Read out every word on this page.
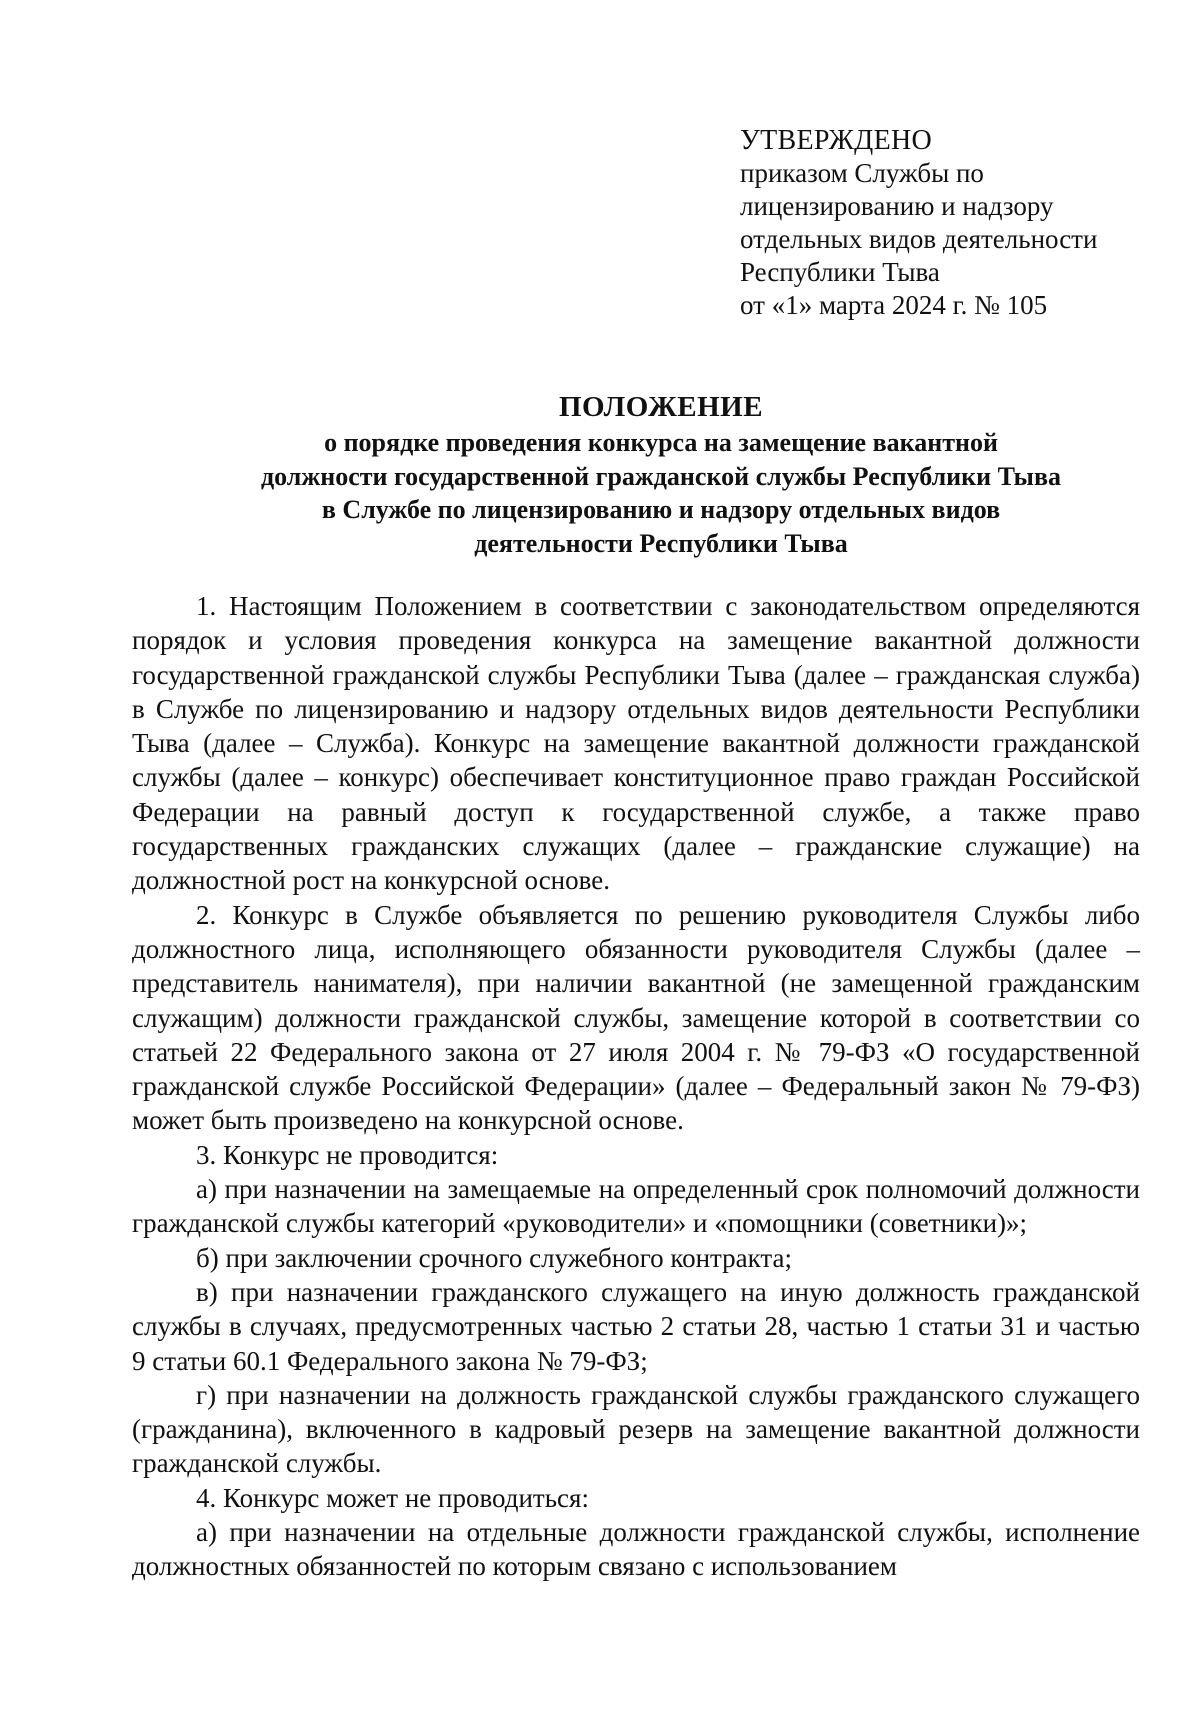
УТВЕРЖДЕНО
приказом Службы по
лицензированию и надзору
отдельных видов деятельности
Республики Тыва
от «1» марта 2024 г. № 105
ПОЛОЖЕНИЕ
о порядке проведения конкурса на замещение вакантной
должности государственной гражданской службы Республики Тыва
в Службе по лицензированию и надзору отдельных видов
деятельности Республики Тыва

1. Настоящим Положением в соответствии с законодательством определяются порядок и условия проведения конкурса на замещение вакантной должности государственной гражданской службы Республики Тыва (далее – гражданская служба) в Службе по лицензированию и надзору отдельных видов деятельности Республики Тыва (далее – Служба). Конкурс на замещение вакантной должности гражданской службы (далее – конкурс) обеспечивает конституционное право граждан Российской Федерации на равный доступ к государственной службе, а также право государственных гражданских служащих (далее – гражданские служащие) на должностной рост на конкурсной основе.

2. Конкурс в Службе объявляется по решению руководителя Службы либо должностного лица, исполняющего обязанности руководителя Службы (далее – представитель нанимателя), при наличии вакантной (не замещенной гражданским служащим) должности гражданской службы, замещение которой в соответствии со статьей 22 Федерального закона от 27 июля 2004 г. № 79-ФЗ «О государственной гражданской службе Российской Федерации» (далее – Федеральный закон № 79-ФЗ) может быть произведено на конкурсной основе.

3. Конкурс не проводится:

а) при назначении на замещаемые на определенный срок полномочий должности гражданской службы категорий «руководители» и «помощники (советники)»;

б) при заключении срочного служебного контракта;

в) при назначении гражданского служащего на иную должность гражданской службы в случаях, предусмотренных частью 2 статьи 28, частью 1 статьи 31 и частью 9 статьи 60.1 Федерального закона № 79-ФЗ;

г) при назначении на должность гражданской службы гражданского служащего (гражданина), включенного в кадровый резерв на замещение вакантной должности гражданской службы.

4. Конкурс может не проводиться:

а) при назначении на отдельные должности гражданской службы, исполнение должностных обязанностей по которым связано с использованием
